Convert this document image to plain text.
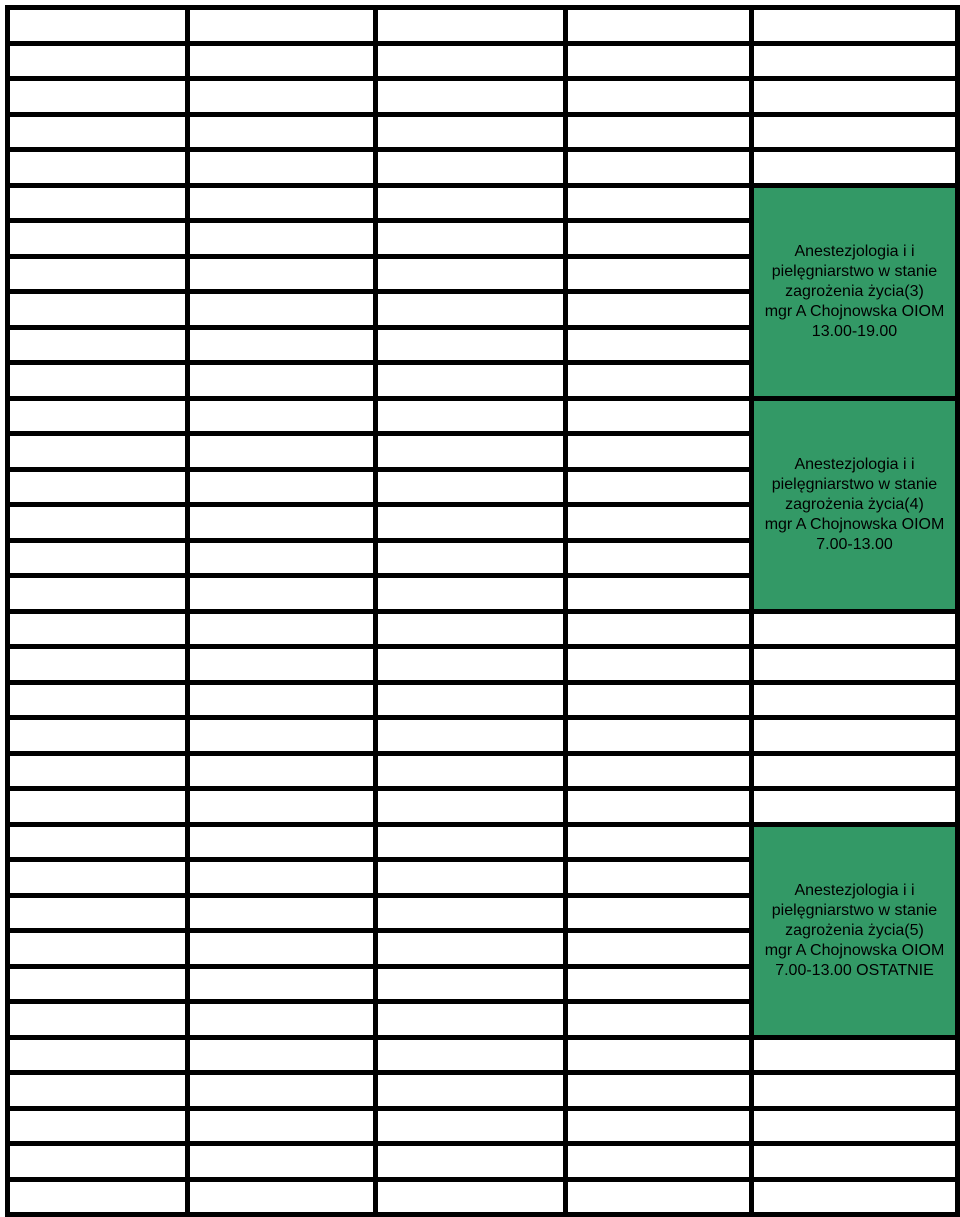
Anestezjologia i i
pielęgniarstwo w stanie
zagrożenia życia(3)
mgr A Chojnowska OIOM
13.00-19.00
Anestezjologia i i
pielęgniarstwo w stanie
zagrożenia życia(4)
mgr A Chojnowska OIOM
7.00-13.00
Anestezjologia i i
pielęgniarstwo w stanie
zagrożenia życia(5)
mgr A Chojnowska OIOM
7.00-13.00 OSTATNIE
